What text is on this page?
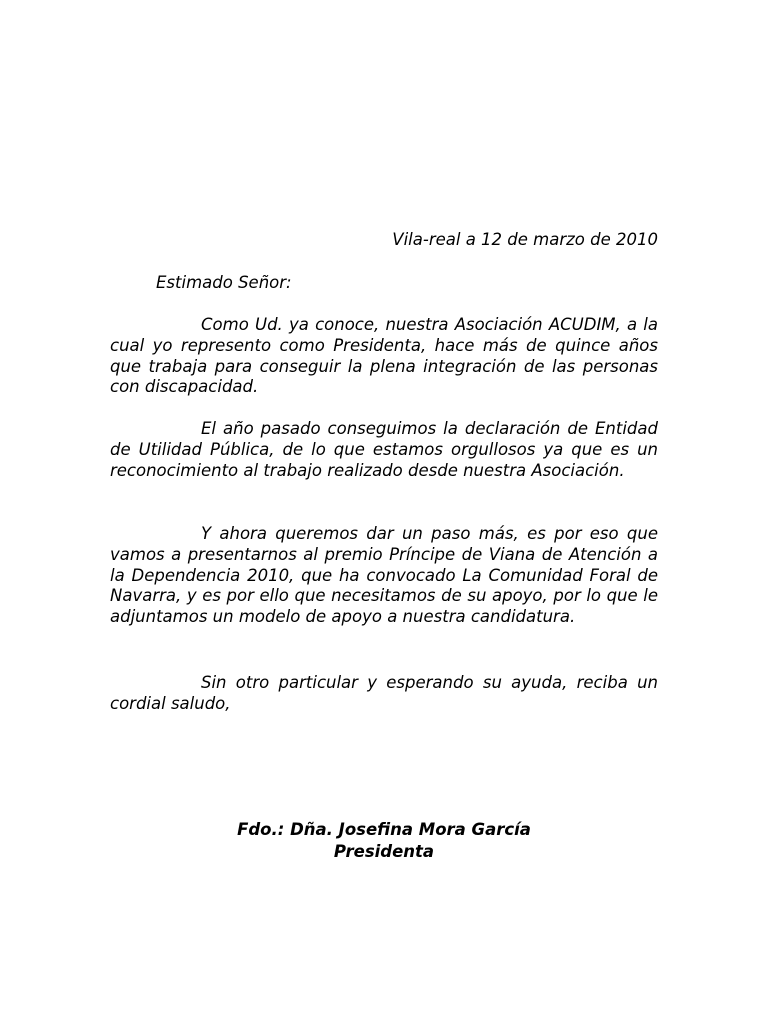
Vila-real a 12 de marzo de 2010
Estimado Señor:

Como Ud. ya conoce, nuestra Asociación ACUDIM, a la cual yo represento como Presidenta, hace más de quince años que trabaja para conseguir la plena integración de las personas con discapacidad.

El año pasado conseguimos la declaración de Entidad de Utilidad Pública, de lo que estamos orgullosos ya que es un reconocimiento al trabajo realizado desde nuestra Asociación.

Y ahora queremos dar un paso más, es por eso que vamos a presentarnos al premio Príncipe de Viana de Atención a la Dependencia 2010, que ha convocado La Comunidad Foral de Navarra, y es por ello que necesitamos de su apoyo, por lo que le adjuntamos un modelo de apoyo a nuestra candidatura.

Sin otro particular y esperando su ayuda, reciba un cordial saludo,

Fdo.: Dña. Josefina Mora García
Presidenta
